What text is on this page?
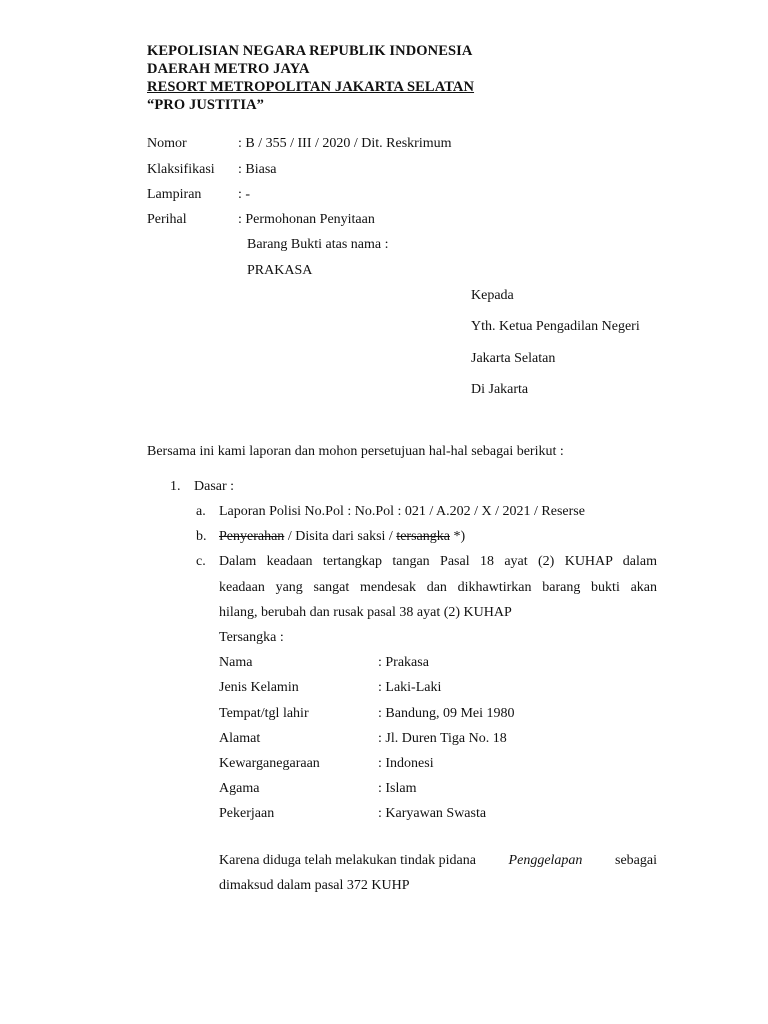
KEPOLISIAN NEGARA REPUBLIK INDONESIA
DAERAH METRO JAYA
RESORT METROPOLITAN JAKARTA SELATAN
“PRO JUSTITIA”
Nomor	: B / 355 / III / 2020 / Dit. Reskrimum
Klaksifikasi : Biasa
Lampiran	: -
Perihal	: Permohonan Penyitaan
Barang Bukti atas nama :
PRAKASA
Kepada
Yth. Ketua Pengadilan Negeri
Jakarta Selatan
Di Jakarta
Bersama ini kami laporan dan mohon persetujuan hal-hal sebagai berikut :
1. Dasar :
a. Laporan Polisi No.Pol : No.Pol : 021 / A.202 / X / 2021 / Reserse
b. Penyerahan / Disita dari saksi / tersangka *)
c. Dalam keadaan tertangkap tangan Pasal 18 ayat (2) KUHAP dalam
keadaan yang sangat mendesak dan dikhawtirkan barang bukti akan
hilang, berubah dan rusak pasal 38 ayat (2) KUHAP
Tersangka :
Nama	: Prakasa
Jenis Kelamin	: Laki-Laki
Tempat/tgl lahir	: Bandung, 09 Mei 1980
Alamat	: Jl. Duren Tiga No. 18
Kewarganegaraan	: Indonesi
Agama	: Islam
Pekerjaan	: Karyawan Swasta
Karena diduga telah melakukan tindak pidana Penggelapan sebagai
dimaksud dalam pasal 372 KUHP
